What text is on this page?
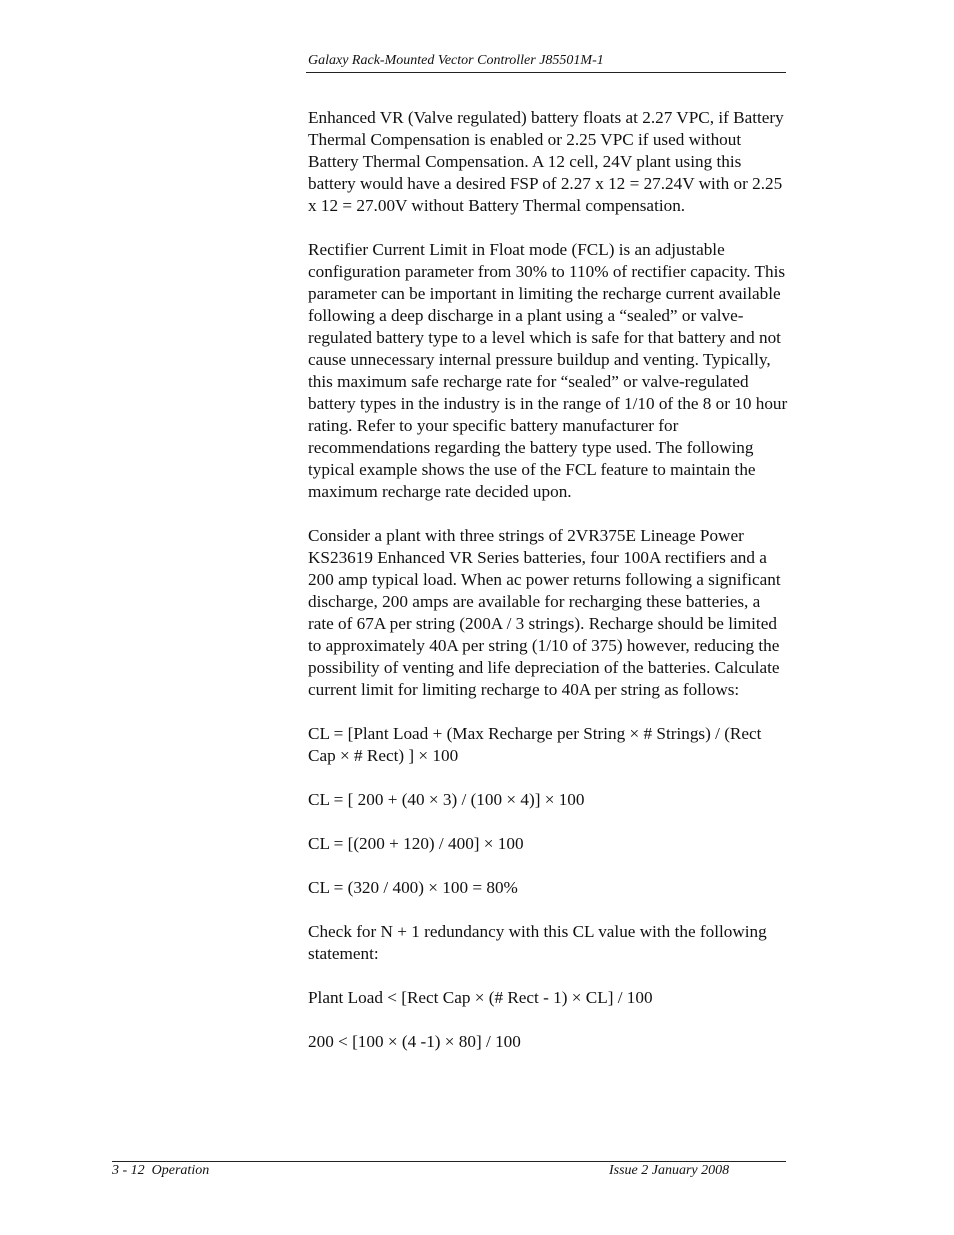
Galaxy Rack-Mounted Vector Controller J85501M-1

Enhanced VR (Valve regulated) battery floats at 2.27 VPC, if Battery Thermal Compensation is enabled or 2.25 VPC if used without Battery Thermal Compensation. A 12 cell, 24V plant using this battery would have a desired FSP of 2.27 x 12 = 27.24V with or 2.25 x 12 = 27.00V without Battery Thermal compensation.

Rectifier Current Limit in Float mode (FCL) is an adjustable configuration parameter from 30% to 110% of rectifier capacity. This parameter can be important in limiting the recharge current available following a deep discharge in a plant using a “sealed” or valve-regulated battery type to a level which is safe for that battery and not cause unnecessary internal pressure buildup and venting. Typically, this maximum safe recharge rate for “sealed” or valve-regulated battery types in the industry is in the range of 1/10 of the 8 or 10 hour rating. Refer to your specific battery manufacturer for recommendations regarding the battery type used. The following typical example shows the use of the FCL feature to maintain the maximum recharge rate decided upon.

Consider a plant with three strings of 2VR375E Lineage Power KS23619 Enhanced VR Series batteries, four 100A rectifiers and a 200 amp typical load. When ac power returns following a significant discharge, 200 amps are available for recharging these batteries, a rate of 67A per string (200A / 3 strings). Recharge should be limited to approximately 40A per string (1/10 of 375) however, reducing the possibility of venting and life depreciation of the batteries. Calculate current limit for limiting recharge to 40A per string as follows:

CL = [Plant Load + (Max Recharge per String × # Strings) / (Rect Cap × # Rect) ] × 100

CL = [ 200 + (40 × 3) / (100 × 4)] × 100

CL = [(200 + 120) / 400] × 100

CL = (320 / 400) × 100 = 80%

Check for N + 1 redundancy with this CL value with the following statement:

Plant Load < [Rect Cap × (# Rect - 1) × CL] / 100

200 < [100 × (4 -1) × 80] / 100

3 - 12  Operation	Issue 2 January 2008
